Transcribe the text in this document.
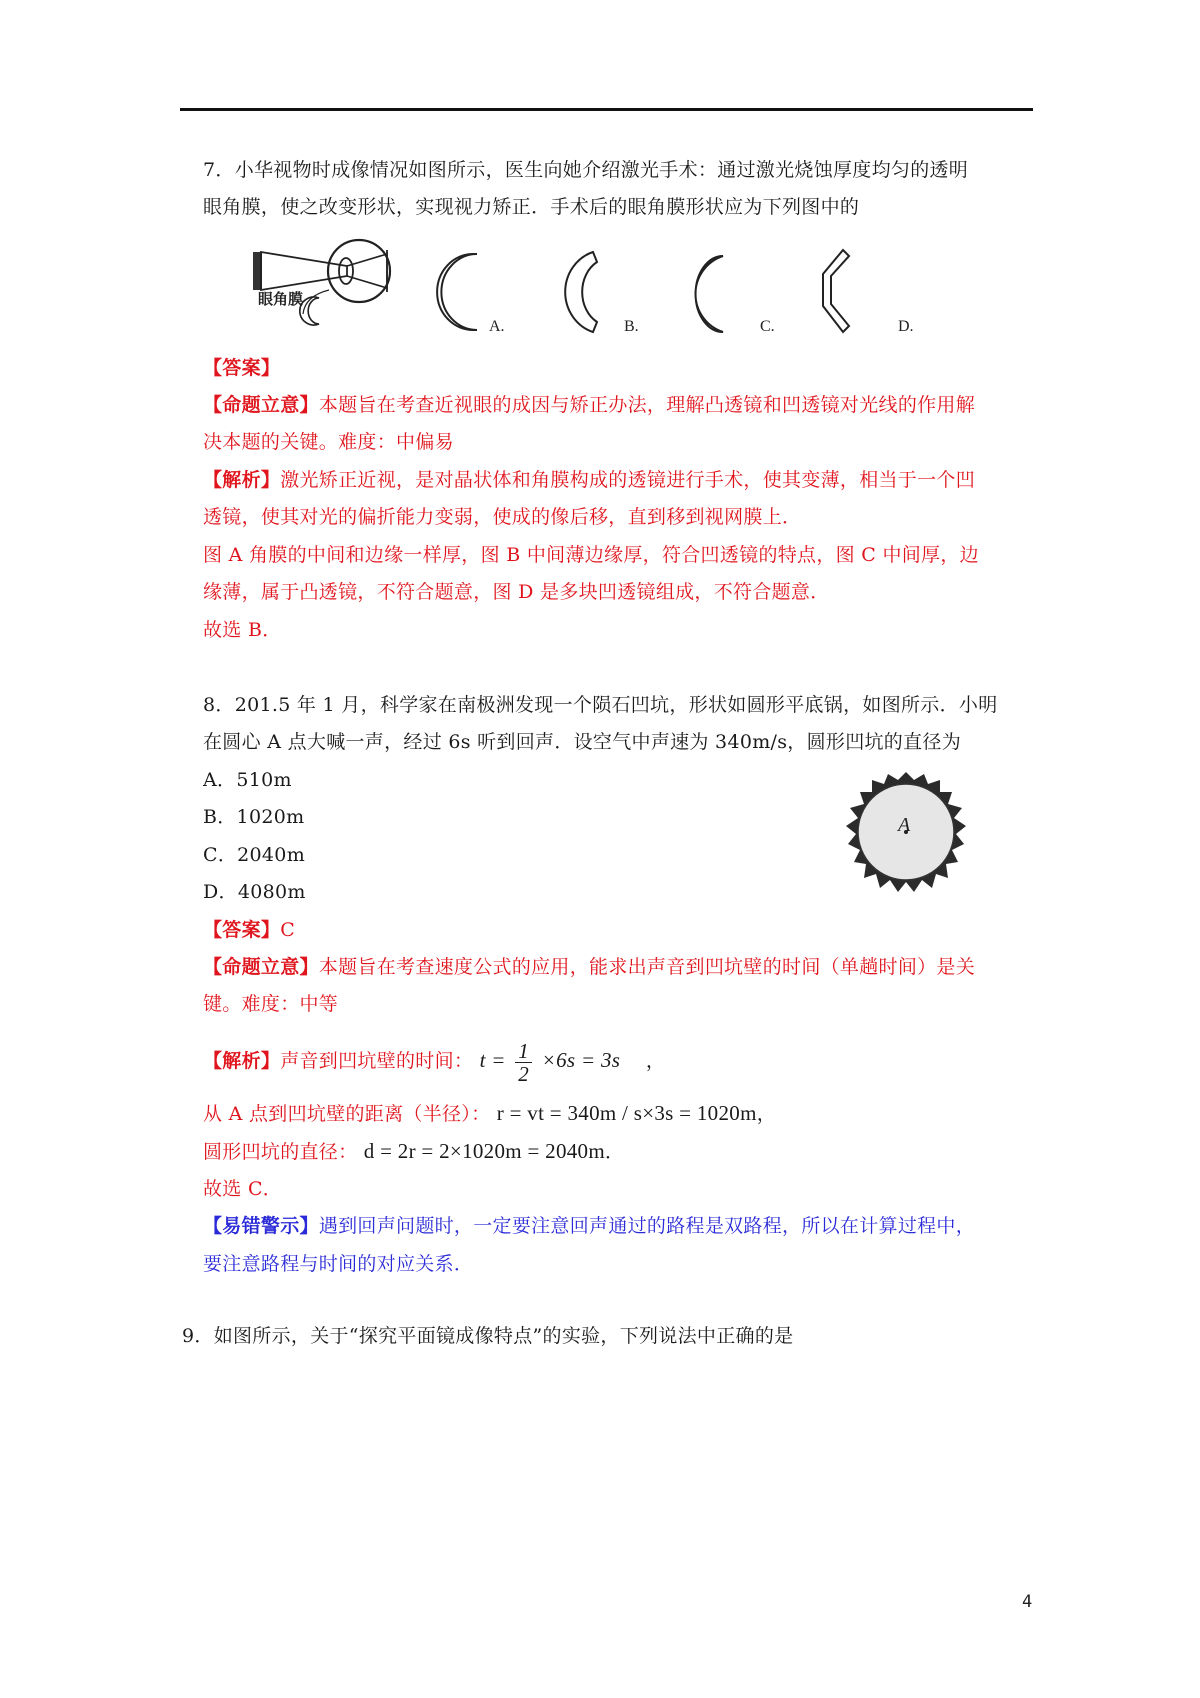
7．小华视物时成像情况如图所示，医生向她介绍激光手术：通过激光烧蚀厚度均匀的透明
眼角膜，使之改变形状，实现视力矫正．手术后的眼角膜形状应为下列图中的
眼角膜
A.	B.	C.	D.
【答案】
【命题立意】本题旨在考查近视眼的成因与矫正办法，理解凸透镜和凹透镜对光线的作用解
决本题的关键。难度：中偏易
【解析】激光矫正近视，是对晶状体和角膜构成的透镜进行手术，使其变薄，相当于一个凹
透镜，使其对光的偏折能力变弱，使成的像后移，直到移到视网膜上．
图 A 角膜的中间和边缘一样厚，图 B 中间薄边缘厚，符合凹透镜的特点，图 C 中间厚，边
缘薄，属于凸透镜，不符合题意，图 D 是多块凹透镜组成，不符合题意．
故选 B．
8．201.5 年 1 月，科学家在南极洲发现一个陨石凹坑，形状如圆形平底锅，如图所示．小明
在圆心 A 点大喊一声，经过 6s 听到回声．设空气中声速为 340m/s，圆形凹坑的直径为
A．510m
B．1020m
C．2040m
D．4080m
A
【答案】C
【命题立意】本题旨在考查速度公式的应用，能求出声音到凹坑壁的时间（单趟时间）是关
键。难度：中等
【解析】声音到凹坑壁的时间： $t = \frac{1}{2} \times 6s = 3s$ ，
从 A 点到凹坑壁的距离（半径）： r = vt = 340m / s×3s = 1020m，
圆形凹坑的直径： d = 2r = 2×1020m = 2040m．
故选 C．
【易错警示】遇到回声问题时，一定要注意回声通过的路程是双路程，所以在计算过程中，
要注意路程与时间的对应关系．
9．如图所示，关于“探究平面镜成像特点”的实验，下列说法中正确的是
4
